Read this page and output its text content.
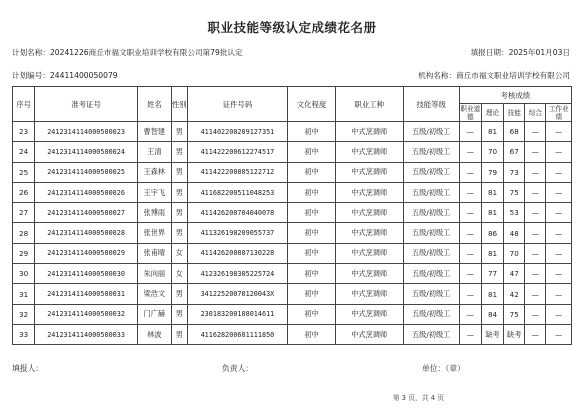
职业技能等级认定成绩花名册
计划名称：20241226商丘市福文职业培训学校有限公司第79批认定	填报日期：2025年01月03日
计划编号：24411400050079	机构名称：商丘市福文职业培训学校有限公司
序号	准考证号	姓名	性别	证件号码	文化程度	职业工种	技能等级	考核成绩				
								职业道德	理论	技能	综合	工作业绩
23	241231411400050002​3	曹智建	男	411402200209127351	初中	中式烹调师	五级/初级工	—	81	68	—	—
24	2412314114000500024	王清	男	411422200612274517	初中	中式烹调师	五级/初级工	—	70	67	—	—
25	2412314114000500025	王森林	男	411422200805122712	初中	中式烹调师	五级/初级工	—	79	73	—	—
26	2412314114000500026	王宇飞	男	411682200511048253	初中	中式烹调师	五级/初级工	—	81	75	—	—
27	2412314114000500027	张博雨	男	411426200704040078	初中	中式烹调师	五级/初级工	—	81	53	—	—
28	2412314114000500028	张世界	男	411326198209055737	初中	中式烹调师	五级/初级工	—	86	48	—	—
29	2412314114000500029	张甫晴	女	411426200807130228	初中	中式烹调师	五级/初级工	—	81	70	—	—
30	2412314114000500030	朱向丽	女	412326198305225724	初中	中式烹调师	五级/初级工	—	77	47	—	—
31	2412314114000500031	梁浩文	男	34122520070120043X	初中	中式烹调师	五级/初级工	—	81	42	—	—
32	2412314114000500032	门广赫	男	230183200108014611	初中	中式烹调师	五级/初级工	—	84	75	—	—
33	2412314114000500033	林波	男	411628200601111850	初中	中式烹调师	五级/初级工	—	缺考	缺考	—	—
填报人：	负责人：	单位：（章）
第 3 页，共 4 页
